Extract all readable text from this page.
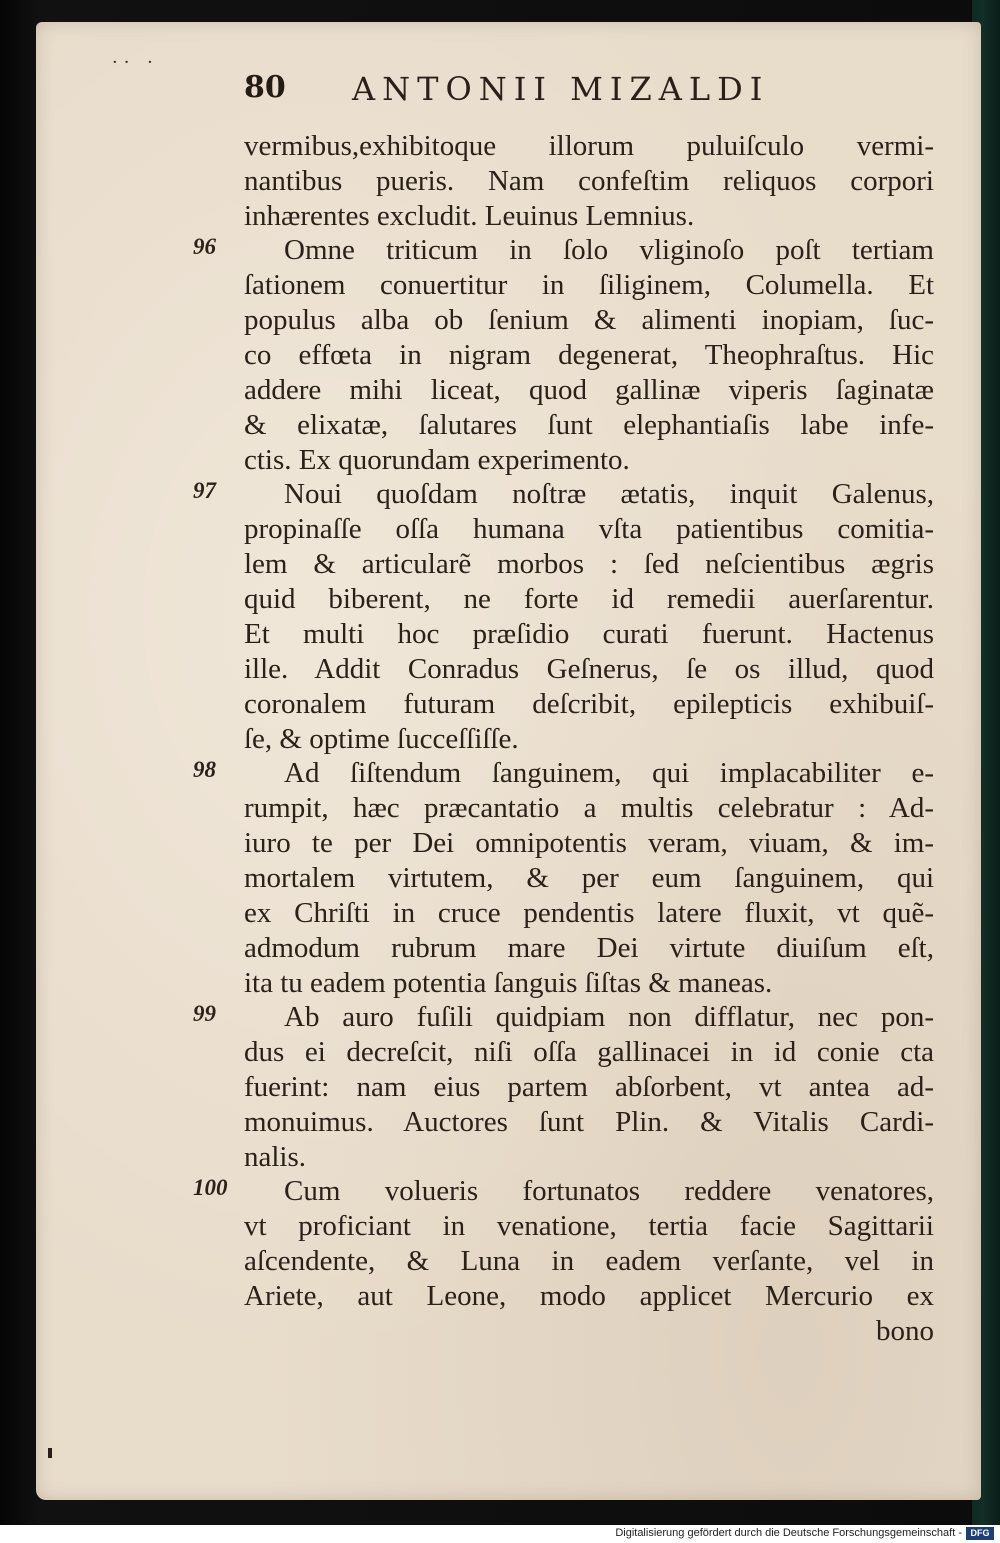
·· ·
80 ANTONII MIZALDI
vermibus,exhibitoque illorum puluiſculo vermi-
nantibus pueris. Nam confeſtim reliquos corpori
inhærentes excludit. Leuinus Lemnius.
96	Omne triticum in ſolo vliginoſo poſt tertiam
ſationem conuertitur in ſiliginem, Columella. Et
populus alba ob ſenium & alimenti inopiam, ſuc-
co effœta in nigram degenerat, Theophraſtus. Hic
addere mihi liceat, quod gallinæ viperis ſaginatæ
& elixatæ, ſalutares ſunt elephantiaſis labe infe-
ctis. Ex quorundam experimento.
97	Noui quoſdam noſtræ ætatis, inquit Galenus,
propinaſſe oſſa humana vſta patientibus comitia-
lem & articularẽ morbos : ſed neſcientibus ægris
quid biberent, ne forte id remedii auerſarentur.
Et multi hoc præſidio curati fuerunt. Hactenus
ille. Addit Conradus Geſnerus, ſe os illud, quod
coronalem futuram deſcribit, epilepticis exhibuiſ-
ſe, & optime ſucceſſiſſe.
98	Ad ſiſtendum ſanguinem, qui implacabiliter e-
rumpit, hæc præcantatio a multis celebratur : Ad-
iuro te per Dei omnipotentis veram, viuam, & im-
mortalem virtutem, & per eum ſanguinem, qui
ex Chriſti in cruce pendentis latere fluxit, vt quẽ-
admodum rubrum mare Dei virtute diuiſum eſt,
ita tu eadem potentia ſanguis ſiſtas & maneas.
99	Ab auro fuſili quidpiam non difflatur, nec pon-
dus ei decreſcit, niſi oſſa gallinacei in id conie cta
fuerint: nam eius partem abſorbent, vt antea ad-
monuimus. Auctores ſunt Plin. & Vitalis Cardi-
nalis.
100	Cum volueris fortunatos reddere venatores,
vt proficiant in venatione, tertia facie Sagittarii
aſcendente, & Luna in eadem verſante, vel in
Ariete, aut Leone, modo applicet Mercurio ex
bono
Digitalisierung gefördert durch die Deutsche Forschungsgemeinschaft - DFG
